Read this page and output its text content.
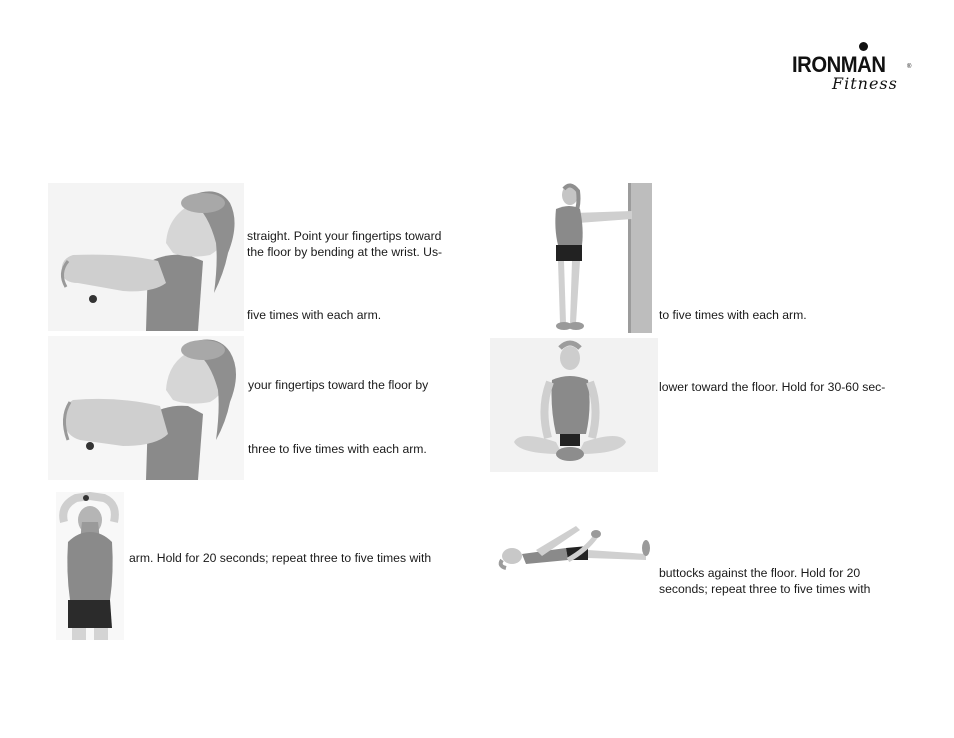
IRONMAN	®
Fitness
straight. Point your fingertips toward
the floor by bending at the wrist. Us-
five times with each arm.
your fingertips toward the floor by
three to five times with each arm.
arm. Hold for 20 seconds; repeat three to five times with
to five times with each arm.
lower toward the floor. Hold for 30-60 sec-
buttocks against the floor. Hold for 20
seconds; repeat three to five times with
